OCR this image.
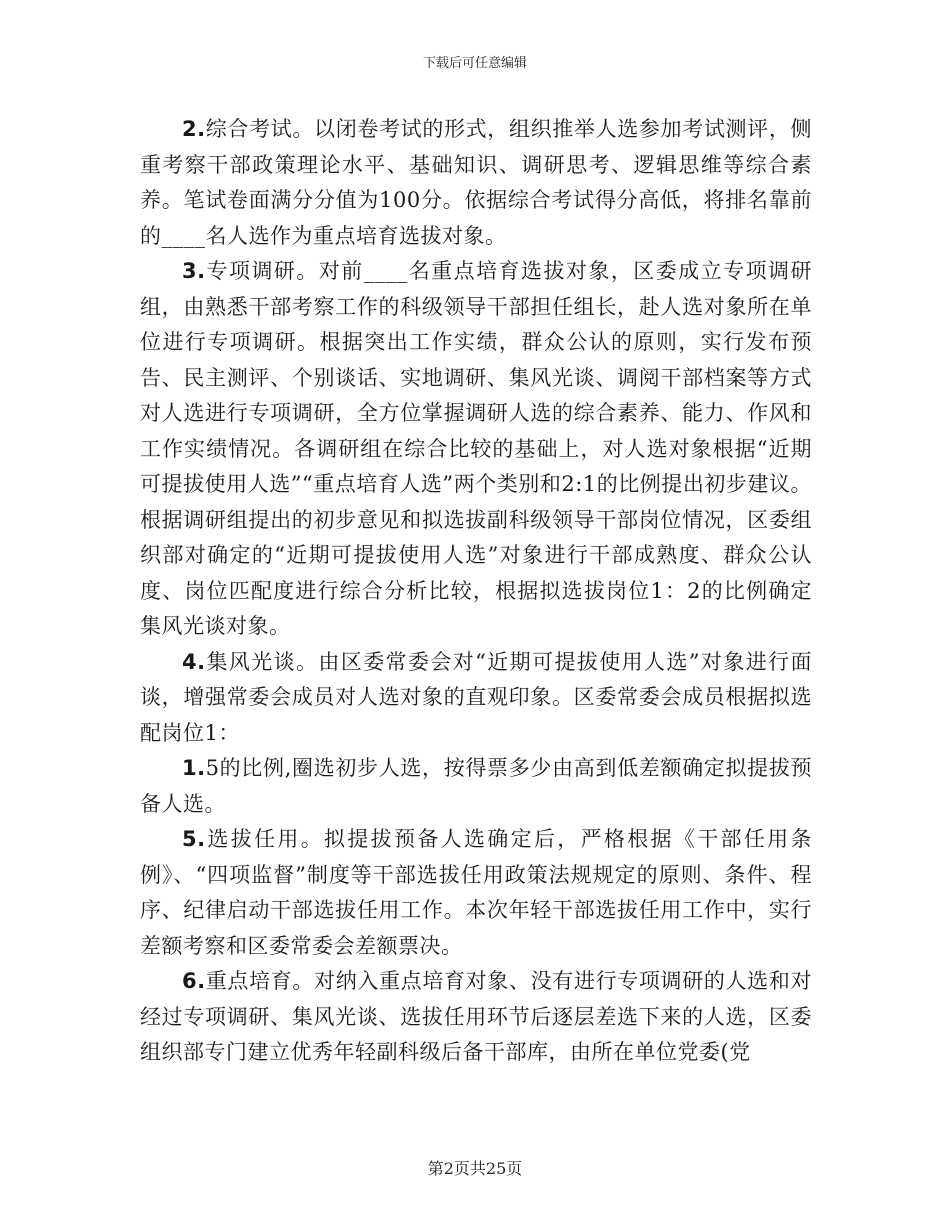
下载后可任意编辑

2.综合考试。以闭卷考试的形式，组织推举人选参加考试测评，侧重考察干部政策理论水平、基础知识、调研思考、逻辑思维等综合素养。笔试卷面满分分值为100分。依据综合考试得分高低，将排名靠前的____名人选作为重点培育选拔对象。

3.专项调研。对前____名重点培育选拔对象，区委成立专项调研组，由熟悉干部考察工作的科级领导干部担任组长，赴人选对象所在单位进行专项调研。根据突出工作实绩，群众公认的原则，实行发布预告、民主测评、个别谈话、实地调研、集风光谈、调阅干部档案等方式对人选进行专项调研，全方位掌握调研人选的综合素养、能力、作风和工作实绩情况。各调研组在综合比较的基础上，对人选对象根据“近期可提拔使用人选”“重点培育人选”两个类别和2:1的比例提出初步建议。根据调研组提出的初步意见和拟选拔副科级领导干部岗位情况，区委组织部对确定的“近期可提拔使用人选”对象进行干部成熟度、群众公认度、岗位匹配度进行综合分析比较，根据拟选拔岗位1：2的比例确定集风光谈对象。

4.集风光谈。由区委常委会对“近期可提拔使用人选”对象进行面谈，增强常委会成员对人选对象的直观印象。区委常委会成员根据拟选配岗位1：

1.5的比例,圈选初步人选，按得票多少由高到低差额确定拟提拔预备人选。

5.选拔任用。拟提拔预备人选确定后，严格根据《干部任用条例》、“四项监督”制度等干部选拔任用政策法规规定的原则、条件、程序、纪律启动干部选拔任用工作。本次年轻干部选拔任用工作中，实行差额考察和区委常委会差额票决。

6.重点培育。对纳入重点培育对象、没有进行专项调研的人选和对经过专项调研、集风光谈、选拔任用环节后逐层差选下来的人选，区委组织部专门建立优秀年轻副科级后备干部库，由所在单位党委(党

第2页共25页
